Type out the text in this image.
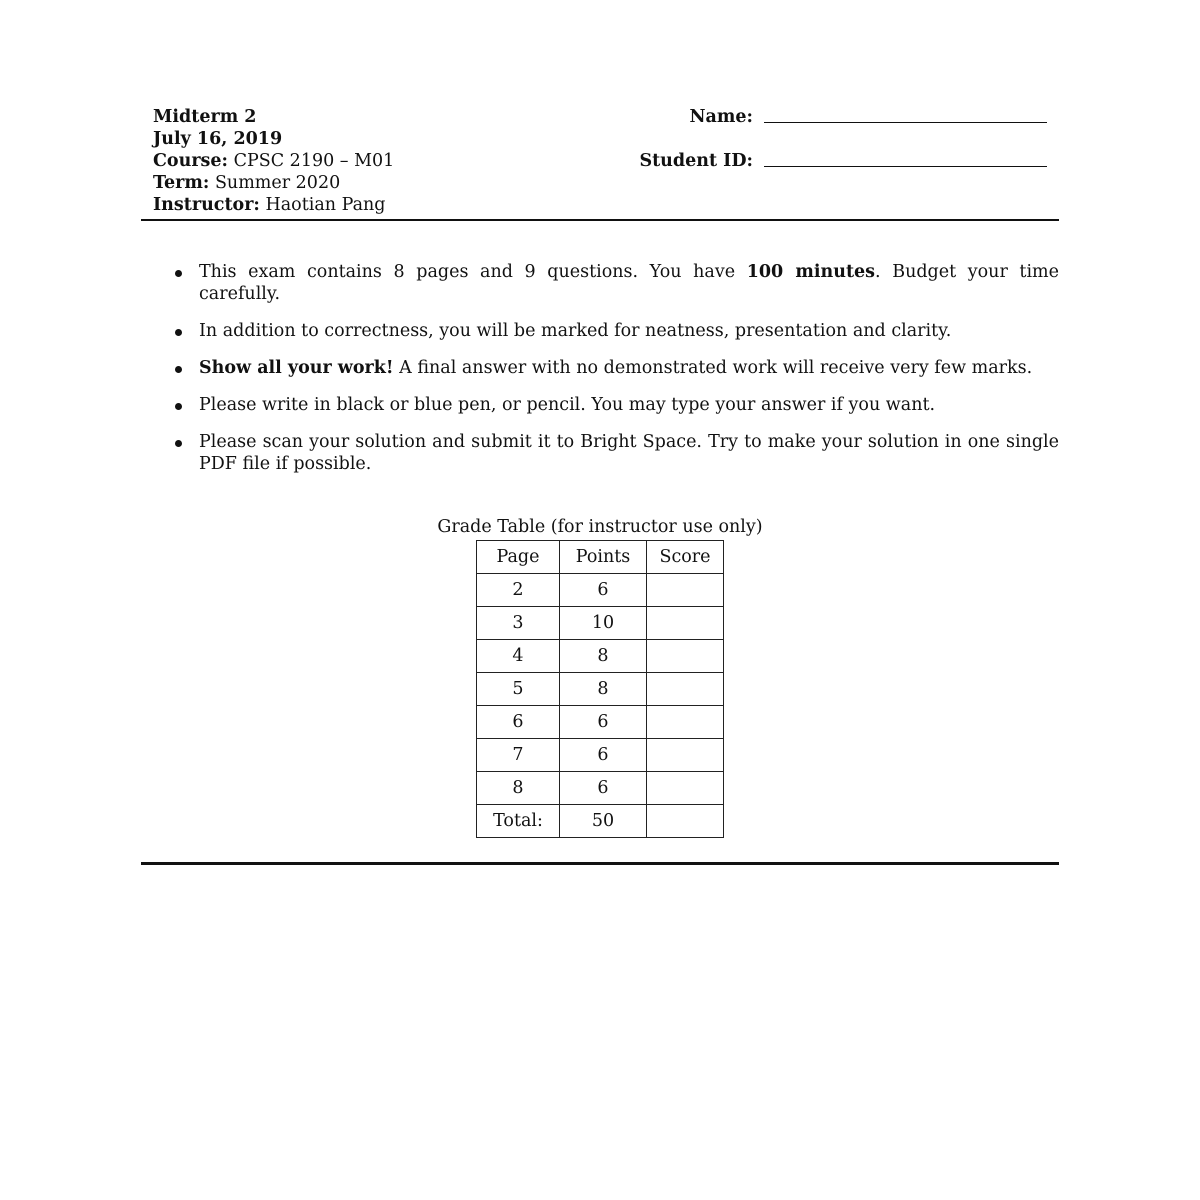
Midterm 2
July 16, 2019
Course: CPSC 2190 – M01
Term: Summer 2020
Instructor: Haotian Pang
Name:
Student ID:
This exam contains 8 pages and 9 questions. You have 100 minutes. Budget your time carefully.
In addition to correctness, you will be marked for neatness, presentation and clarity.
Show all your work! A final answer with no demonstrated work will receive very few marks.
Please write in black or blue pen, or pencil. You may type your answer if you want.
Please scan your solution and submit it to Bright Space. Try to make your solution in one single PDF file if possible.
Grade Table (for instructor use only)
Page	Points	Score
2	6	
3	10	
4	8	
5	8	
6	6	
7	6	
8	6	
Total:	50	
